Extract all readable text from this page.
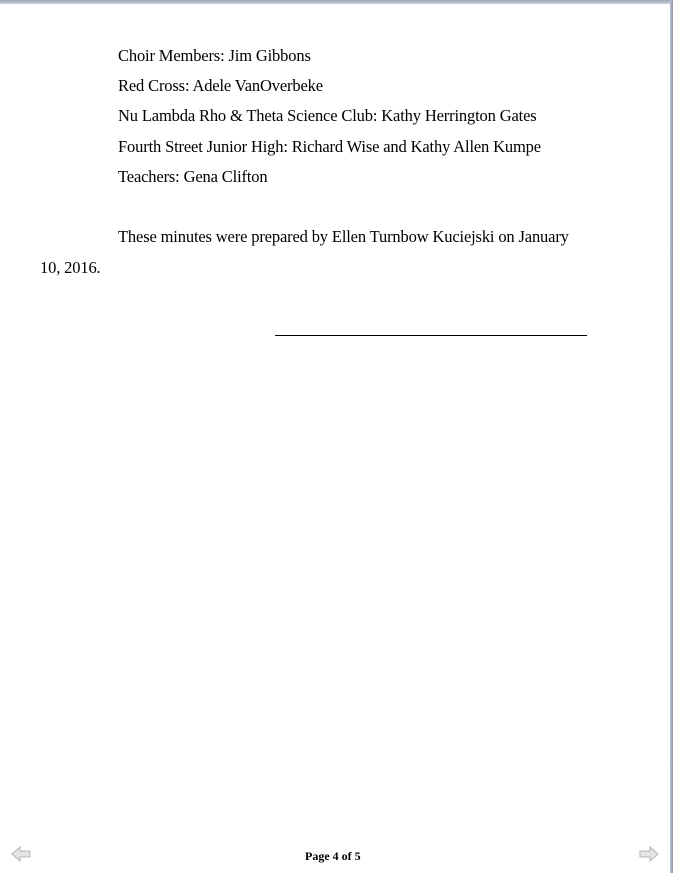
Choir Members: Jim Gibbons
Red Cross: Adele VanOverbeke
Nu Lambda Rho & Theta Science Club: Kathy Herrington Gates
Fourth Street Junior High: Richard Wise and Kathy Allen Kumpe
Teachers: Gena Clifton
These minutes were prepared by Ellen Turnbow Kuciejski on January
10, 2016.
Page 4 of 5
